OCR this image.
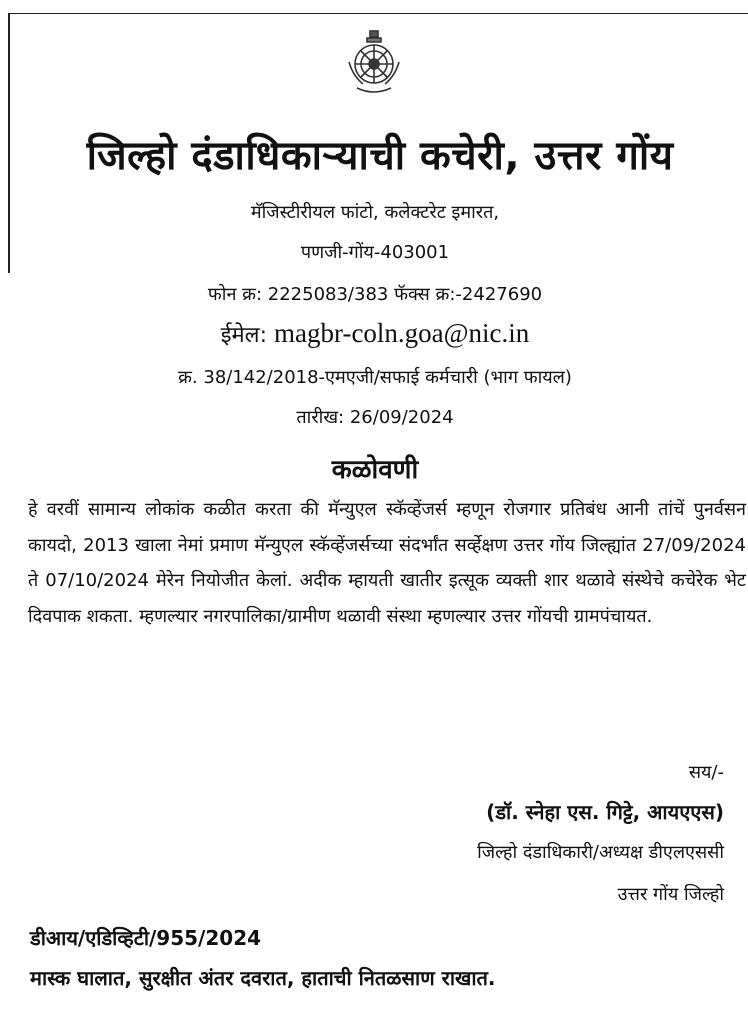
जिल्हो दंडाधिकाऱ्याची कचेरी, उत्तर गोंय
मॅजिस्टीरीयल फांटो, कलेक्टरेट इमारत,
पणजी-गोंय-403001
फोन क्र: 2225083/383 फॅक्स क्र:-2427690
ईमेल: magbr-coln.goa@nic.in
क्र. 38/142/2018-एमएजी/सफाई कर्मचारी (भाग फायल)
तारीख: 26/09/2024
कळोवणी
हे वरवीं सामान्य लोकांक कळीत करता की मॅन्युएल स्कॅव्हेंजर्स म्हणून रोजगार प्रतिबंध आनी तांचें पुनर्वसन कायदो, 2013 खाला नेमां प्रमाण मॅन्युएल स्कॅव्हेंजर्सच्या संदर्भांत सर्व्हेक्षण उत्तर गोंय जिल्ह्यांत 27/09/2024 ते 07/10/2024 मेरेन नियोजीत केलां. अदीक म्हायती खातीर इत्सूक व्यक्ती शार थळावे संस्थेचे कचेरेक भेट दिवपाक शकता. म्हणल्यार नगरपालिका/ग्रामीण थळावी संस्था म्हणल्यार उत्तर गोंयची ग्रामपंचायत.
सय/-
(डॉ. स्नेहा एस. गिट्टे, आयएएस)
जिल्हो दंडाधिकारी/अध्यक्ष डीएलएससी
उत्तर गोंय जिल्हो
डीआय/एडिव्हिटी/955/2024
मास्क घालात, सुरक्षीत अंतर दवरात, हाताची नितळसाण राखात.
